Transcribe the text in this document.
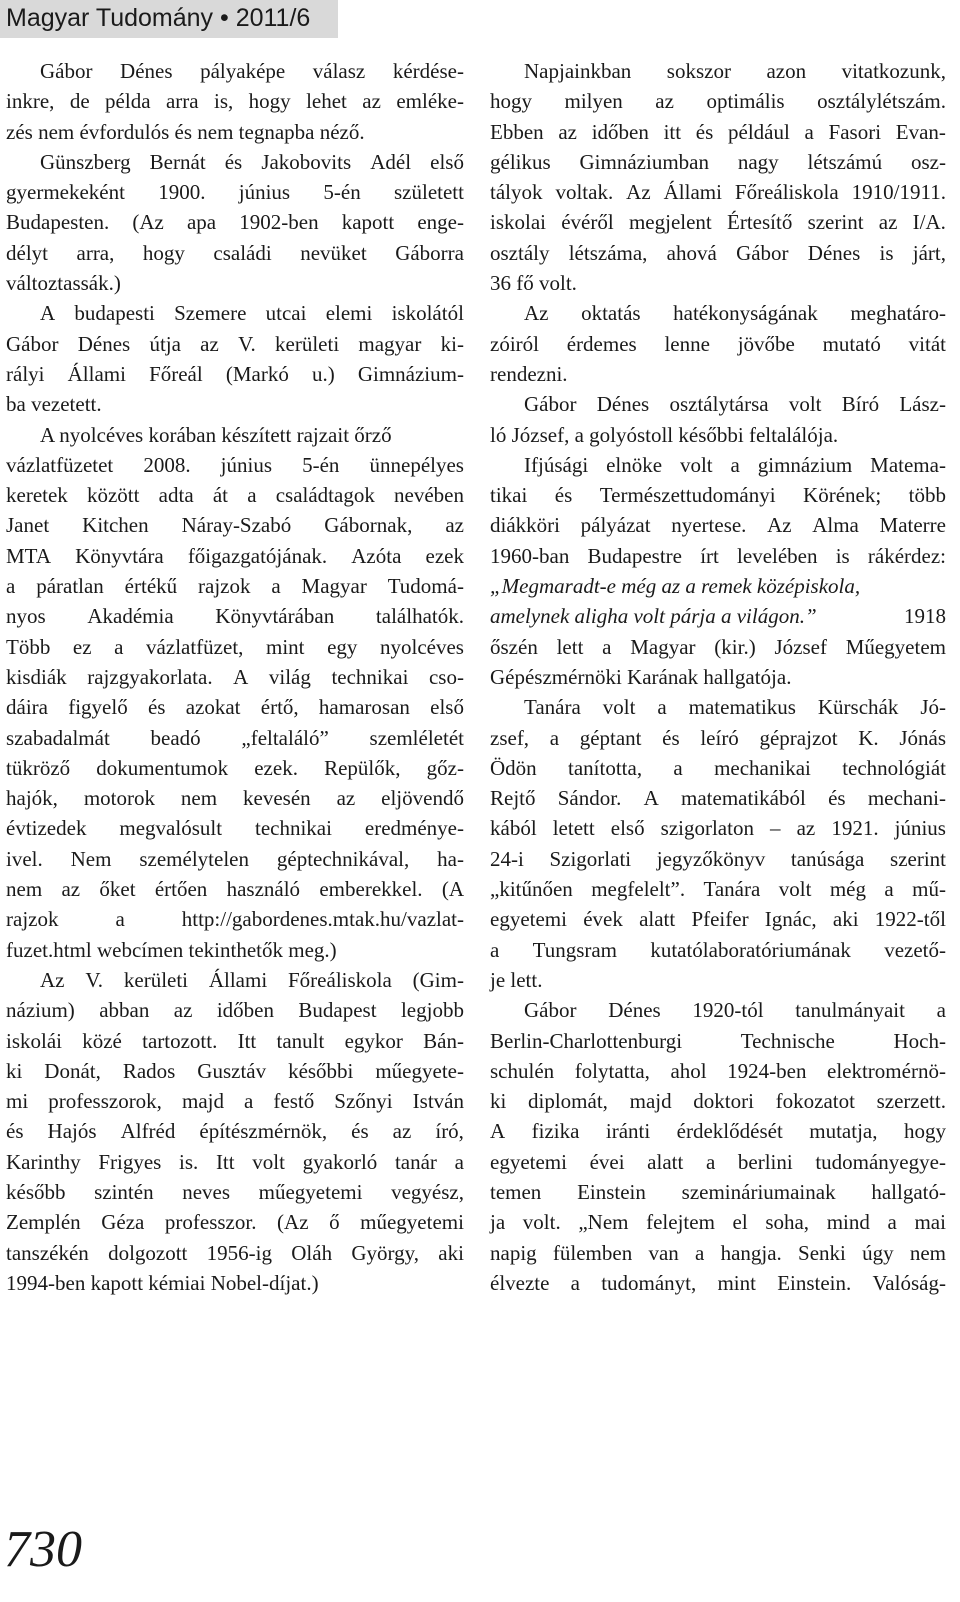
Magyar Tudomány • 2011/6
Gábor Dénes pályaképe válasz kérdése-
inkre, de példa arra is, hogy lehet az emléke-
zés nem évfordulós és nem tegnapba néző.
Günszberg Bernát és Jakobovits Adél első
gyermekeként 1900. június 5-én született
Budapesten. (Az apa 1902-ben kapott enge-
délyt arra, hogy családi nevüket Gáborra
változtassák.)
A budapesti Szemere utcai elemi iskolától
Gábor Dénes útja az V. kerületi magyar ki-
rályi Állami Főreál (Markó u.) Gimnázium-
ba vezetett.
A nyolcéves korában készített rajzait őrző
vázlatfüzetet 2008. június 5-én ünnepélyes
keretek között adta át a családtagok nevében
Janet Kitchen Náray-Szabó Gábornak, az
MTA Könyvtára főigazgatójának. Azóta ezek
a páratlan értékű rajzok a Magyar Tudomá-
nyos Akadémia Könyvtárában találhatók.
Több ez a vázlatfüzet, mint egy nyolcéves
kisdiák rajzgyakorlata. A világ technikai cso-
dáira figyelő és azokat értő, hamarosan első
szabadalmát beadó „feltaláló” szemléletét
tükröző dokumentumok ezek. Repülők, gőz-
hajók, motorok nem kevesén az eljövendő
évtizedek megvalósult technikai eredménye-
ivel. Nem személytelen géptechnikával, ha-
nem az őket értően használó emberekkel. (A
rajzok	a	http://gabordenes.mtak.hu/vazlat-
fuzet.html webcímen tekinthetők meg.)
Az V. kerületi Állami Főreáliskola (Gim-
názium) abban az időben Budapest legjobb
iskolái közé tartozott. Itt tanult egykor Bán-
ki Donát, Rados Gusztáv későbbi műegyete-
mi professzorok, majd a festő Szőnyi István
és Hajós Alfréd építészmérnök, és az író,
Karinthy Frigyes is. Itt volt gyakorló tanár a
később szintén neves műegyetemi vegyész,
Zemplén Géza professzor. (Az ő műegyetemi
tanszékén dolgozott 1956-ig Oláh György, aki
1994-ben kapott kémiai Nobel-díjat.)
Napjainkban sokszor azon vitatkozunk,
hogy milyen az optimális osztálylétszám.
Ebben az időben itt és például a Fasori Evan-
gélikus Gimnáziumban nagy létszámú osz-
tályok voltak. Az Állami Főreáliskola 1910/1911.
iskolai évéről megjelent Értesítő szerint az I/A.
osztály létszáma, ahová Gábor Dénes is járt,
36 fő volt.
Az oktatás hatékonyságának meghatáro-
zóiról érdemes lenne jövőbe mutató vitát
rendezni.
Gábor Dénes osztálytársa volt Bíró Lász-
ló József, a golyóstoll későbbi feltalálója.
Ifjúsági elnöke volt a gimnázium Matema-
tikai és Természettudományi Körének; több
diákköri pályázat nyertese. Az Alma Materre
1960-ban Budapestre írt levelében is rákérdez:
„Megmaradt-e még az a remek középiskola,
amelynek aligha volt párja a világon.”	1918
őszén lett a Magyar (kir.) József Műegyetem
Gépészmérnöki Karának hallgatója.
Tanára volt a matematikus Kürschák Jó-
zsef, a géptant és leíró géprajzot K. Jónás
Ödön tanította, a mechanikai technológiát
Rejtő Sándor. A matematikából és mechani-
kából letett első szigorlaton – az 1921. június
24-i Szigorlati jegyzőkönyv tanúsága szerint
„kitűnően megfelelt”. Tanára volt még a mű-
egyetemi évek alatt Pfeifer Ignác, aki 1922-től
a Tungsram kutatólaboratóriumának vezető-
je lett.
Gábor Dénes 1920-tól tanulmányait a
Berlin-Charlottenburgi	Technische	Hoch-
schulén folytatta, ahol 1924-ben elektromérnö-
ki diplomát, majd doktori fokozatot szerzett.
A fizika iránti érdeklődését mutatja, hogy
egyetemi évei alatt a berlini tudományegye-
temen Einstein szemináriumainak hallgató-
ja volt. „Nem felejtem el soha, mind a mai
napig fülemben van a hangja. Senki úgy nem
élvezte a tudományt, mint Einstein. Valóság-
730
